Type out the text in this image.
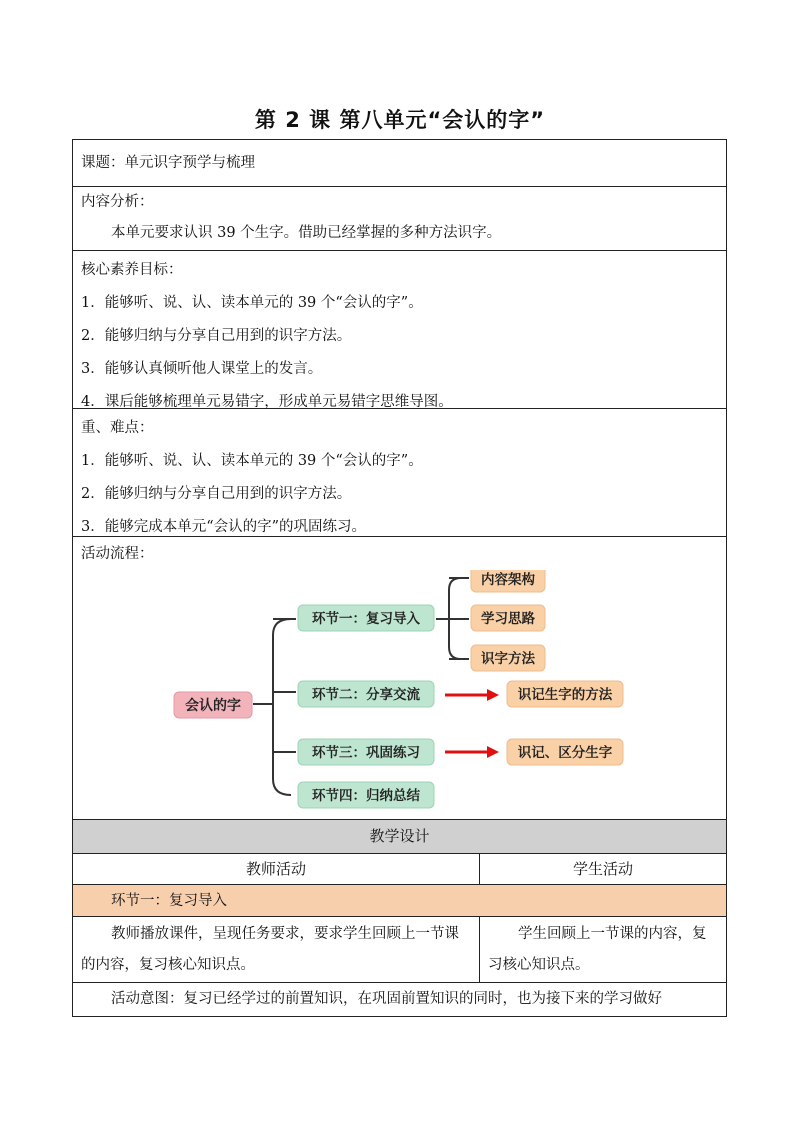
第 2 课 第八单元“会认的字”
课题：单元识字预学与梳理
内容分析：
本单元要求认识 39 个生字。借助已经掌握的多种方法识字。
核心素养目标：
1．能够听、说、认、读本单元的 39 个“会认的字”。
2．能够归纳与分享自己用到的识字方法。
3．能够认真倾听他人课堂上的发言。
4．课后能够梳理单元易错字，形成单元易错字思维导图。
重、难点：
1．能够听、说、认、读本单元的 39 个“会认的字”。
2．能够归纳与分享自己用到的识字方法。
3．能够完成本单元“会认的字”的巩固练习。
活动流程：
会认的字
环节一：复习导入
环节二：分享交流
环节三：巩固练习
环节四：归纳总结
内容架构
学习思路
识字方法
识记生字的方法
识记、区分生字
教学设计
教师活动	学生活动
环节一：复习导入

教师播放课件，呈现任务要求，要求学生回顾上一节课的内容，复习核心知识点。

学生回顾上一节课的内容，复习核心知识点。

活动意图：复习已经学过的前置知识，在巩固前置知识的同时，也为接下来的学习做好
